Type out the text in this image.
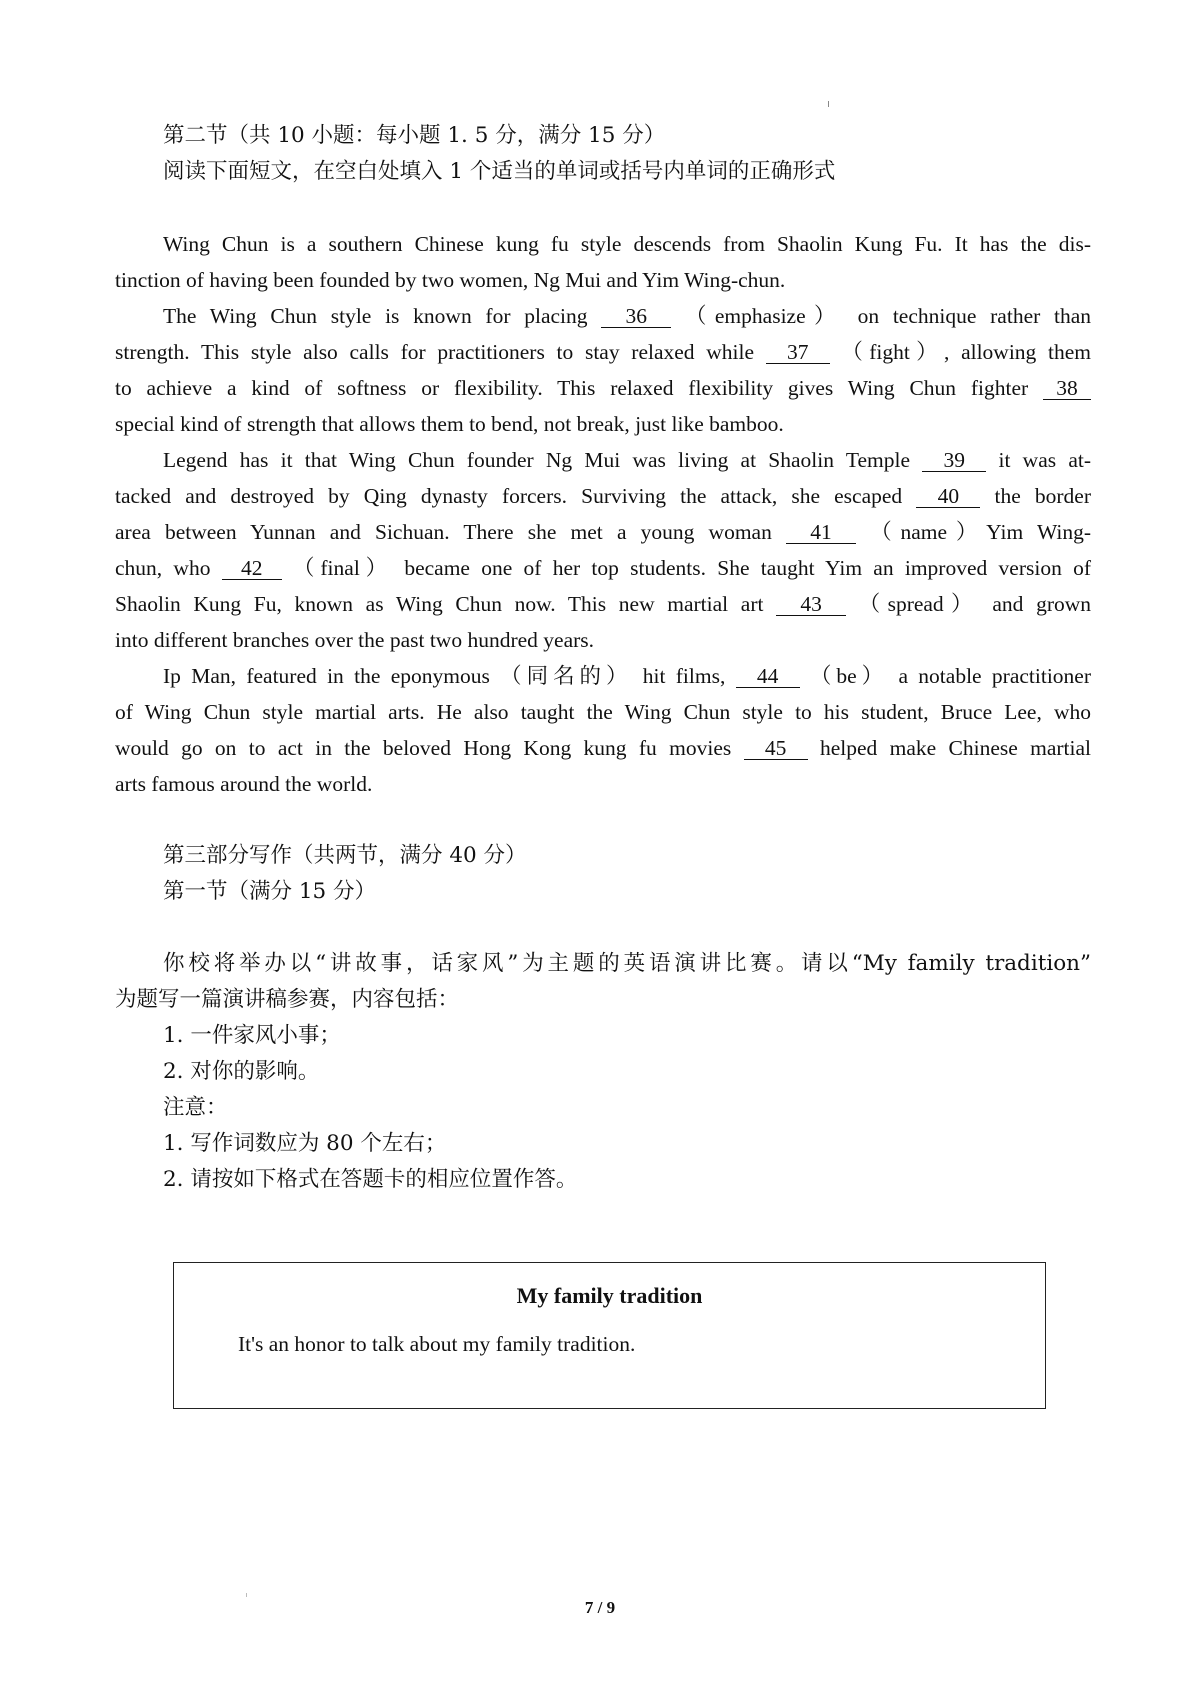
第二节（共 10 小题：每小题 1. 5 分，满分 15 分）
阅读下面短文，在空白处填入 1 个适当的单词或括号内单词的正确形式
Wing Chun is a southern Chinese kung fu style descends from Shaolin Kung Fu. It has the dis-
tinction of having been founded by two women, Ng Mui and Yim Wing-chun.
The Wing Chun style is known for placing 36 （emphasize） on technique rather than
strength. This style also calls for practitioners to stay relaxed while 37 （fight）, allowing them
to achieve a kind of softness or flexibility. This relaxed flexibility gives Wing Chun fighter 38
special kind of strength that allows them to bend, not break, just like bamboo.
Legend has it that Wing Chun founder Ng Mui was living at Shaolin Temple 39 it was at-
tacked and destroyed by Qing dynasty forcers. Surviving the attack, she escaped 40 the border
area between Yunnan and Sichuan. There she met a young woman 41 （name）Yim Wing-
chun, who 42 （final） became one of her top students. She taught Yim an improved version of
Shaolin Kung Fu, known as Wing Chun now. This new martial art 43 （spread） and grown
into different branches over the past two hundred years.
Ip Man, featured in the eponymous （同名的） hit films, 44 （be） a notable practitioner
of Wing Chun style martial arts. He also taught the Wing Chun style to his student, Bruce Lee, who
would go on to act in the beloved Hong Kong kung fu movies 45 helped make Chinese martial
arts famous around the world.
第三部分写作（共两节，满分 40 分）
第一节（满分 15 分）
你校将举办以“讲故事，话家风”为主题的英语演讲比赛。请以“My family tradition”
为题写一篇演讲稿参赛，内容包括：
1. 一件家风小事；
2. 对你的影响。
注意：
1. 写作词数应为 80 个左右；
2. 请按如下格式在答题卡的相应位置作答。
My family tradition
It's an honor to talk about my family tradition.
7 / 9
